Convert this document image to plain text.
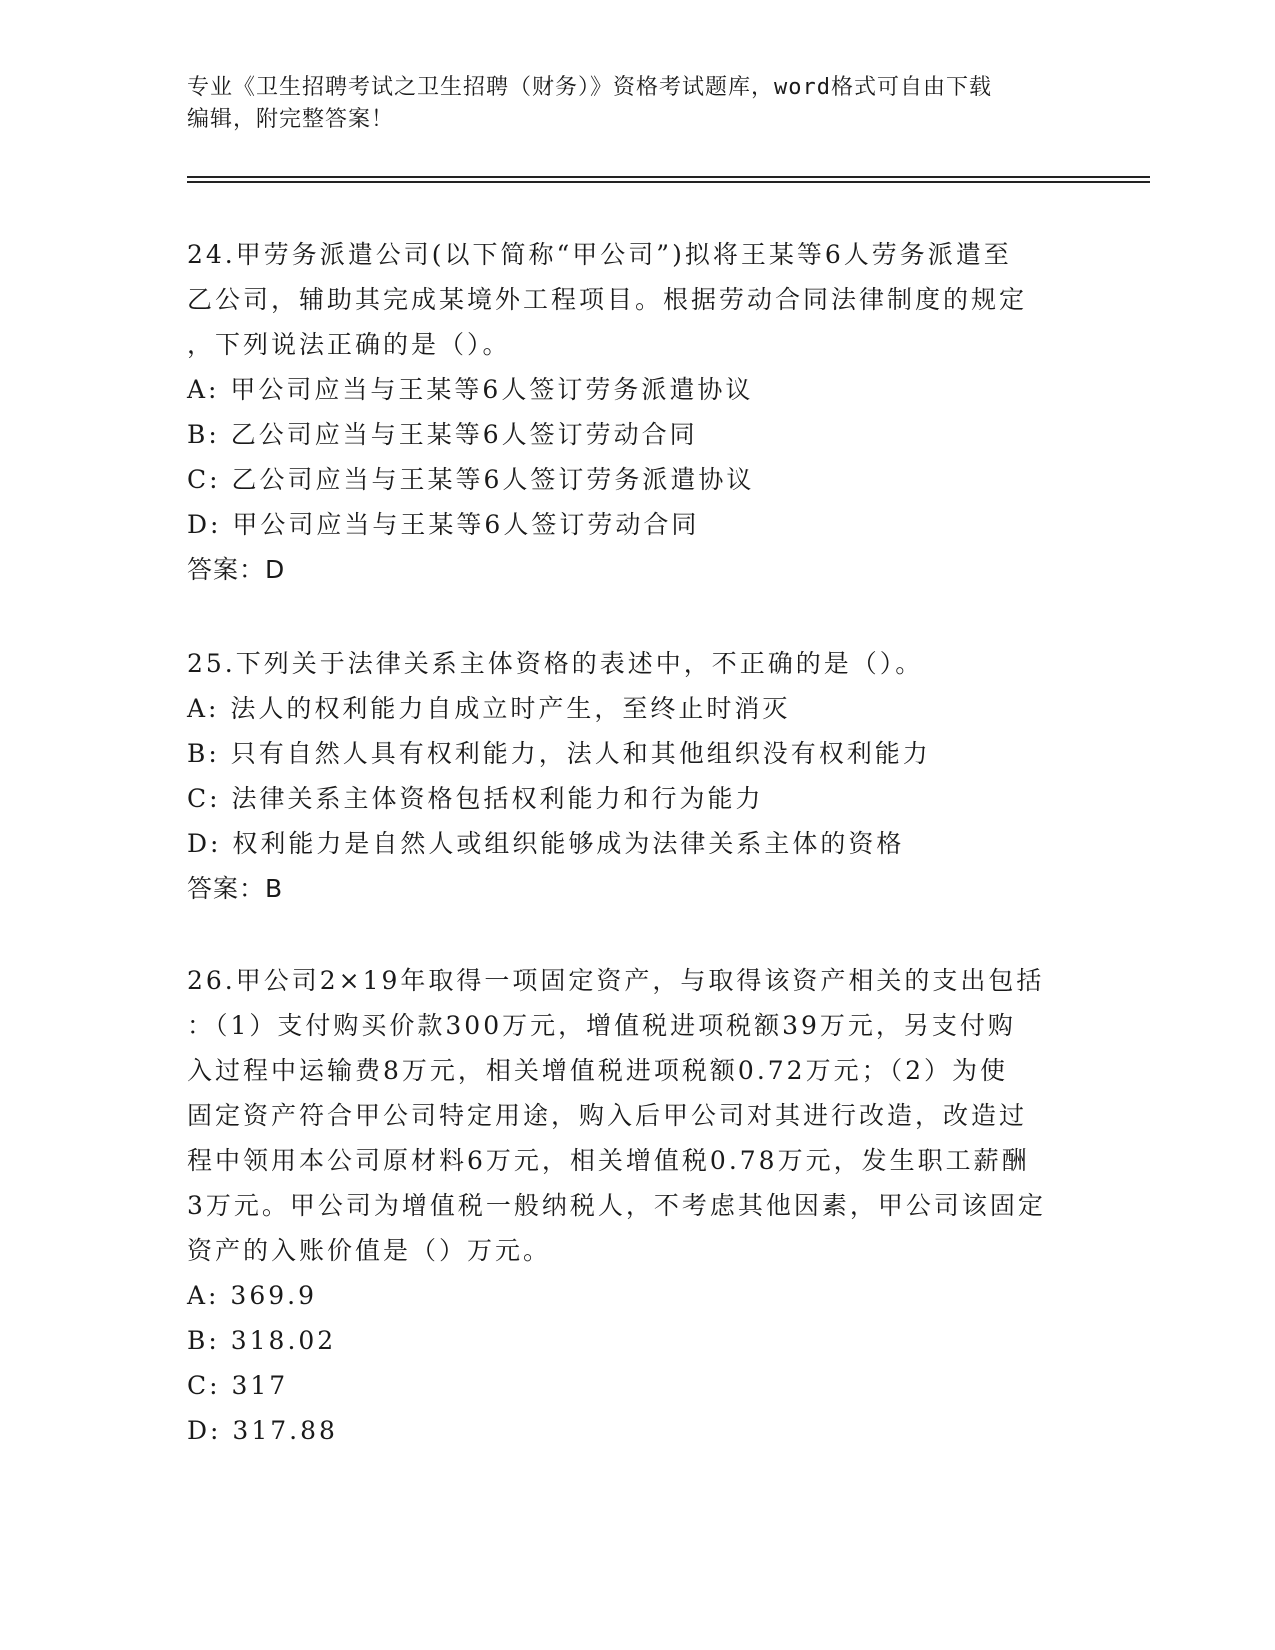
专业《卫生招聘考试之卫生招聘（财务）》资格考试题库，word格式可自由下载
编辑，附完整答案！
24.甲劳务派遣公司(以下简称“甲公司”)拟将王某等6人劳务派遣至
乙公司，辅助其完成某境外工程项目。根据劳动合同法律制度的规定
，下列说法正确的是（）。
A: 甲公司应当与王某等6人签订劳务派遣协议
B: 乙公司应当与王某等6人签订劳动合同
C: 乙公司应当与王某等6人签订劳务派遣协议
D: 甲公司应当与王某等6人签订劳动合同
答案：D
25.下列关于法律关系主体资格的表述中，不正确的是（）。
A: 法人的权利能力自成立时产生，至终止时消灭
B: 只有自然人具有权利能力，法人和其他组织没有权利能力
C: 法律关系主体资格包括权利能力和行为能力
D: 权利能力是自然人或组织能够成为法律关系主体的资格
答案：B
26.甲公司2×19年取得一项固定资产，与取得该资产相关的支出包括
：（1）支付购买价款300万元，增值税进项税额39万元，另支付购
入过程中运输费8万元，相关增值税进项税额0.72万元；（2）为使
固定资产符合甲公司特定用途，购入后甲公司对其进行改造，改造过
程中领用本公司原材料6万元，相关增值税0.78万元，发生职工薪酬
3万元。甲公司为增值税一般纳税人，不考虑其他因素，甲公司该固定
资产的入账价值是（）万元。
A: 369.9
B: 318.02
C: 317
D: 317.88
